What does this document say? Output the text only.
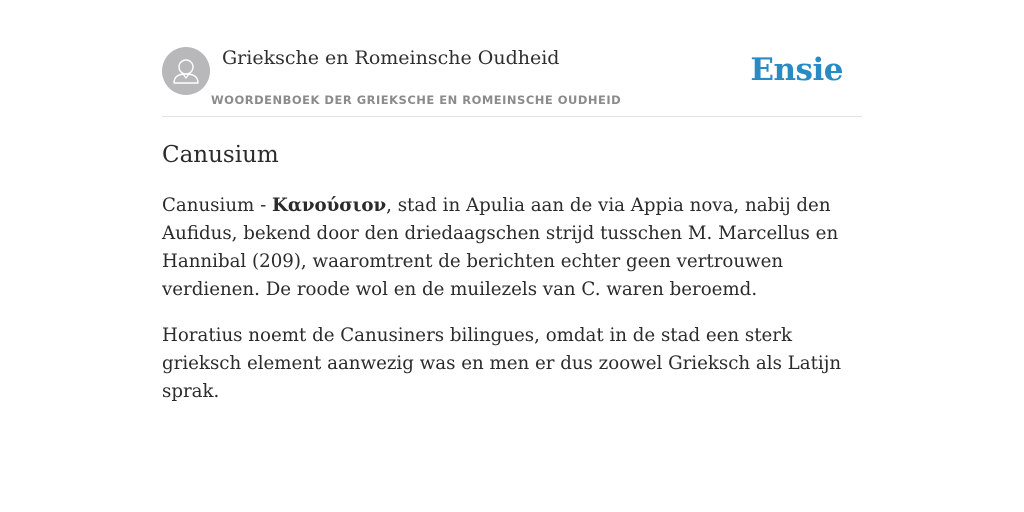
Grieksche en Romeinsche Oudheid
WOORDENBOEK DER GRIEKSCHE EN ROMEINSCHE OUDHEID
Ensie
Canusium

Canusium - Κανούσιον, stad in Apulia aan de via Appia nova, nabij den Aufidus, bekend door den driedaagschen strijd tusschen M. Marcellus en Hannibal (209), waaromtrent de berichten echter geen vertrouwen verdienen. De roode wol en de muilezels van C. waren beroemd.

Horatius noemt de Canusiners bilingues, omdat in de stad een sterk grieksch element aanwezig was en men er dus zoowel Grieksch als Latijn sprak.
